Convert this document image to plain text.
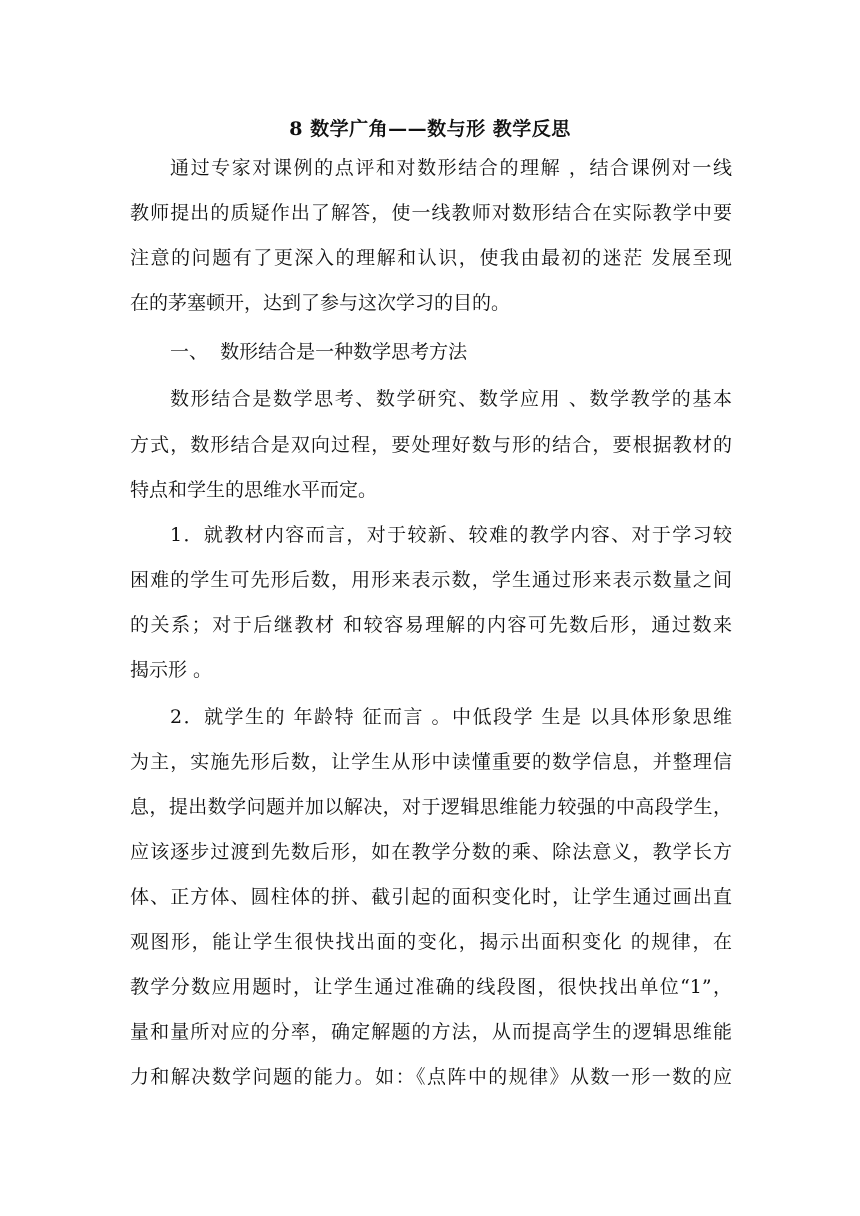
8 数学广角——数与形 教学反思
通过专家对课例的点评和对数形结合的理解 ，结合课例对一线
教师提出的质疑作出了解答，使一线教师对数形结合在实际教学中要
注意的问题有了更深入的理解和认识，使我由最初的迷茫 发展至现
在的茅塞顿开，达到了参与这次学习的目的。
一、  数形结合是一种数学思考方法
数形结合是数学思考、数学研究、数学应用 、数学教学的基本
方式，数形结合是双向过程，要处理好数与形的结合，要根据教材的
特点和学生的思维水平而定。
1．就教材内容而言，对于较新、较难的教学内容、对于学习较
困难的学生可先形后数，用形来表示数，学生通过形来表示数量之间
的关系；对于后继教材 和较容易理解的内容可先数后形，通过数来
揭示形 。
2．就学生的 年龄特 征而言 。中低段学 生是 以具体形象思维
为主，实施先形后数，让学生从形中读懂重要的数学信息，并整理信
息，提出数学问题并加以解决，对于逻辑思维能力较强的中高段学生，
应该逐步过渡到先数后形，如在教学分数的乘、除法意义，教学长方
体、正方体、圆柱体的拼、截引起的面积变化时，让学生通过画出直
观图形，能让学生很快找出面的变化，揭示出面积变化 的规律，在
教学分数应用题时，让学生通过准确的线段图，很快找出单位“1”，
量和量所对应的分率，确定解题的方法，从而提高学生的逻辑思维能
力和解决数学问题的能力。如：《点阵中的规律》从数一形一数的应
